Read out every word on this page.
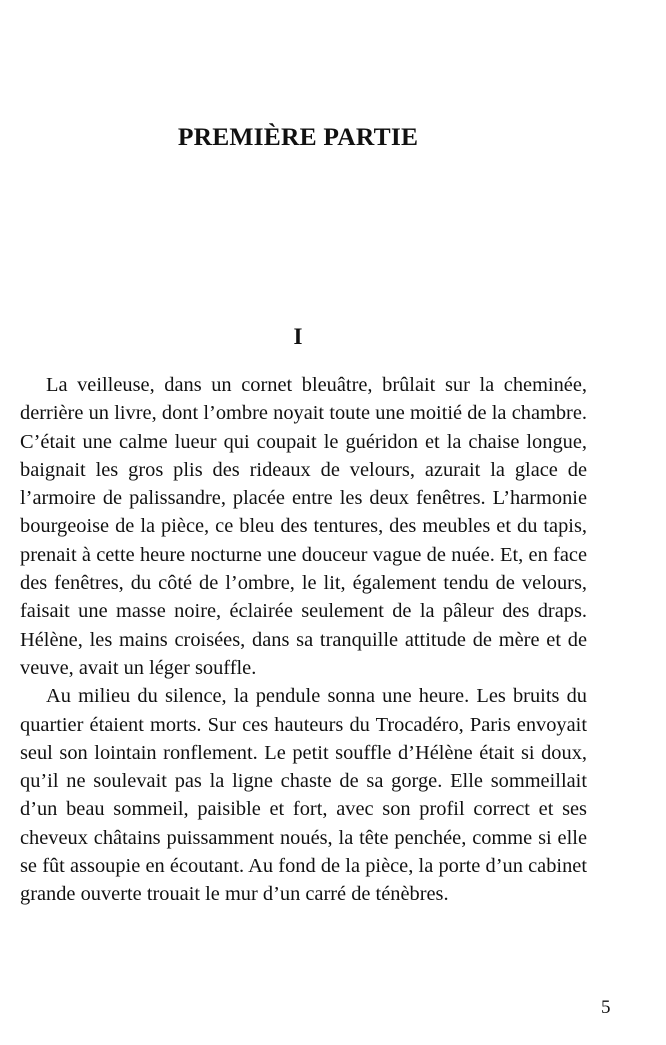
PREMIÈRE PARTIE
I

La veilleuse, dans un cornet bleuâtre, brûlait sur la cheminée, derrière un livre, dont l’ombre noyait toute une moitié de la chambre. C’était une calme lueur qui coupait le guéridon et la chaise longue, baignait les gros plis des rideaux de velours, azurait la glace de l’armoire de palissandre, placée entre les deux fenêtres. L’harmonie bourgeoise de la pièce, ce bleu des tentures, des meubles et du tapis, prenait à cette heure nocturne une douceur vague de nuée. Et, en face des fenêtres, du côté de l’ombre, le lit, également tendu de velours, faisait une masse noire, éclairée seulement de la pâleur des draps. Hélène, les mains croisées, dans sa tranquille attitude de mère et de veuve, avait un léger souffle.

Au milieu du silence, la pendule sonna une heure. Les bruits du quartier étaient morts. Sur ces hauteurs du Trocadéro, Paris envoyait seul son lointain ronflement. Le petit souffle d’Hélène était si doux, qu’il ne soulevait pas la ligne chaste de sa gorge. Elle sommeillait d’un beau sommeil, paisible et fort, avec son profil correct et ses cheveux châtains puissamment noués, la tête penchée, comme si elle se fût assoupie en écoutant. Au fond de la pièce, la porte d’un cabinet grande ouverte trouait le mur d’un carré de ténèbres.

5
